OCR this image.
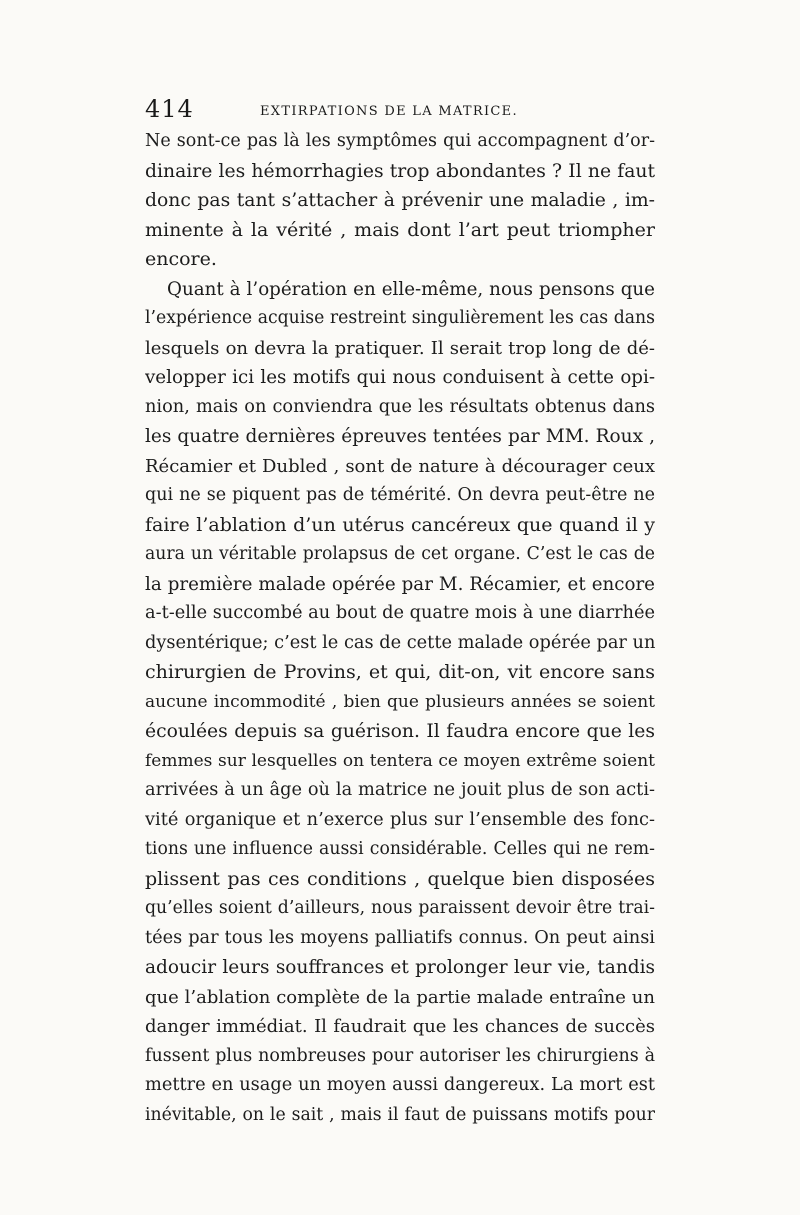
414	EXTIRPATIONS DE LA MATRICE.
Ne sont-ce pas là les symptômes qui accompagnent d’or-
dinaire les hémorrhagies trop abondantes ? Il ne faut
donc pas tant s’attacher à prévenir une maladie , im-
minente à la vérité , mais dont l’art peut triompher
encore.
Quant à l’opération en elle-même, nous pensons que
l’expérience acquise restreint singulièrement les cas dans
lesquels on devra la pratiquer. Il serait trop long de dé-
velopper ici les motifs qui nous conduisent à cette opi-
nion, mais on conviendra que les résultats obtenus dans
les quatre dernières épreuves tentées par MM. Roux ,
Récamier et Dubled , sont de nature à décourager ceux
qui ne se piquent pas de témérité. On devra peut-être ne
faire l’ablation d’un utérus cancéreux que quand il y
aura un véritable prolapsus de cet organe. C’est le cas de
la première malade opérée par M. Récamier, et encore
a-t-elle succombé au bout de quatre mois à une diarrhée
dysentérique; c’est le cas de cette malade opérée par un
chirurgien de Provins, et qui, dit-on, vit encore sans
aucune incommodité , bien que plusieurs années se soient
écoulées depuis sa guérison. Il faudra encore que les
femmes sur lesquelles on tentera ce moyen extrême soient
arrivées à un âge où la matrice ne jouit plus de son acti-
vité organique et n’exerce plus sur l’ensemble des fonc-
tions une influence aussi considérable. Celles qui ne rem-
plissent pas ces conditions , quelque bien disposées
qu’elles soient d’ailleurs, nous paraissent devoir être trai-
tées par tous les moyens palliatifs connus. On peut ainsi
adoucir leurs souffrances et prolonger leur vie, tandis
que l’ablation complète de la partie malade entraîne un
danger immédiat. Il faudrait que les chances de succès
fussent plus nombreuses pour autoriser les chirurgiens à
mettre en usage un moyen aussi dangereux. La mort est
inévitable, on le sait , mais il faut de puissans motifs pour
